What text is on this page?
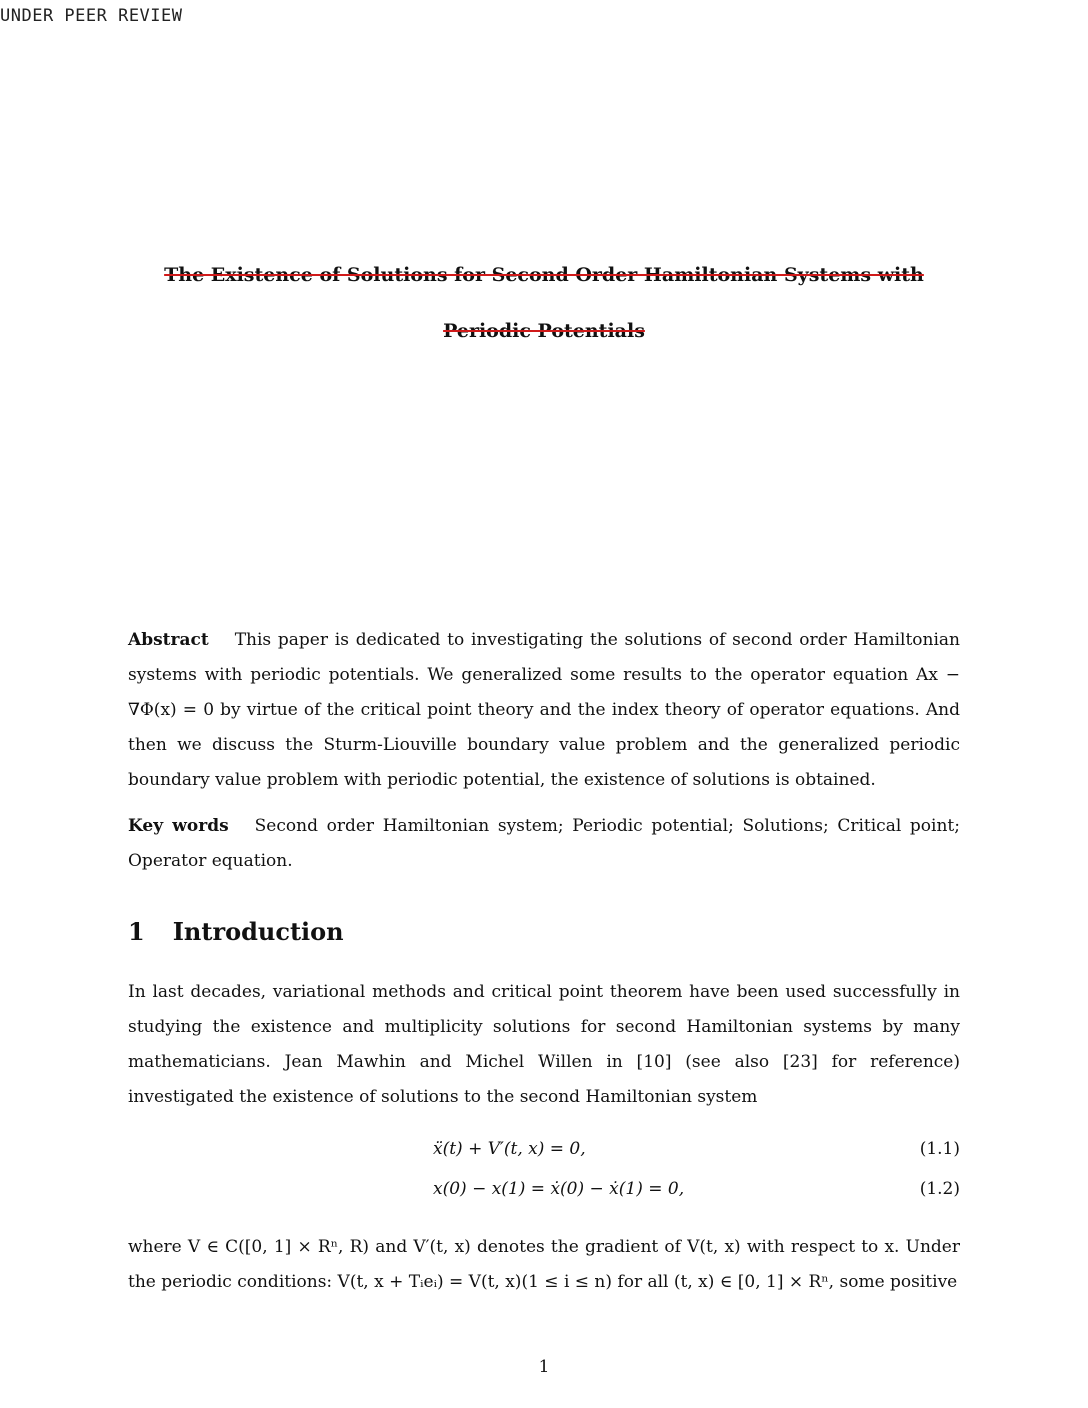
UNDER PEER REVIEW
The Existence of Solutions for Second Order Hamiltonian Systems with
Periodic Potentials
Abstract This paper is dedicated to investigating the solutions of second order Hamiltonian systems with periodic potentials. We generalized some results to the operator equation Ax − ∇Φ(x) = 0 by virtue of the critical point theory and the index theory of operator equations. And then we discuss the Sturm-Liouville boundary value problem and the generalized periodic boundary value problem with periodic potential, the existence of solutions is obtained.
Key words Second order Hamiltonian system; Periodic potential; Solutions; Critical point; Operator equation.
1 Introduction
In last decades, variational methods and critical point theorem have been used successfully in studying the existence and multiplicity solutions for second Hamiltonian systems by many mathematicians. Jean Mawhin and Michel Willen in [10] (see also [23] for reference) investigated the existence of solutions to the second Hamiltonian system
ẍ(t) + V′(t, x) = 0,	(1.1)
x(0) − x(1) = ẋ(0) − ẋ(1) = 0,	(1.2)
where V ∈ C([0, 1] × Rⁿ, R) and V′(t, x) denotes the gradient of V(t, x) with respect to x. Under the periodic conditions: V(t, x + Tᵢeᵢ) = V(t, x)(1 ≤ i ≤ n) for all (t, x) ∈ [0, 1] × Rⁿ, some positive
1
